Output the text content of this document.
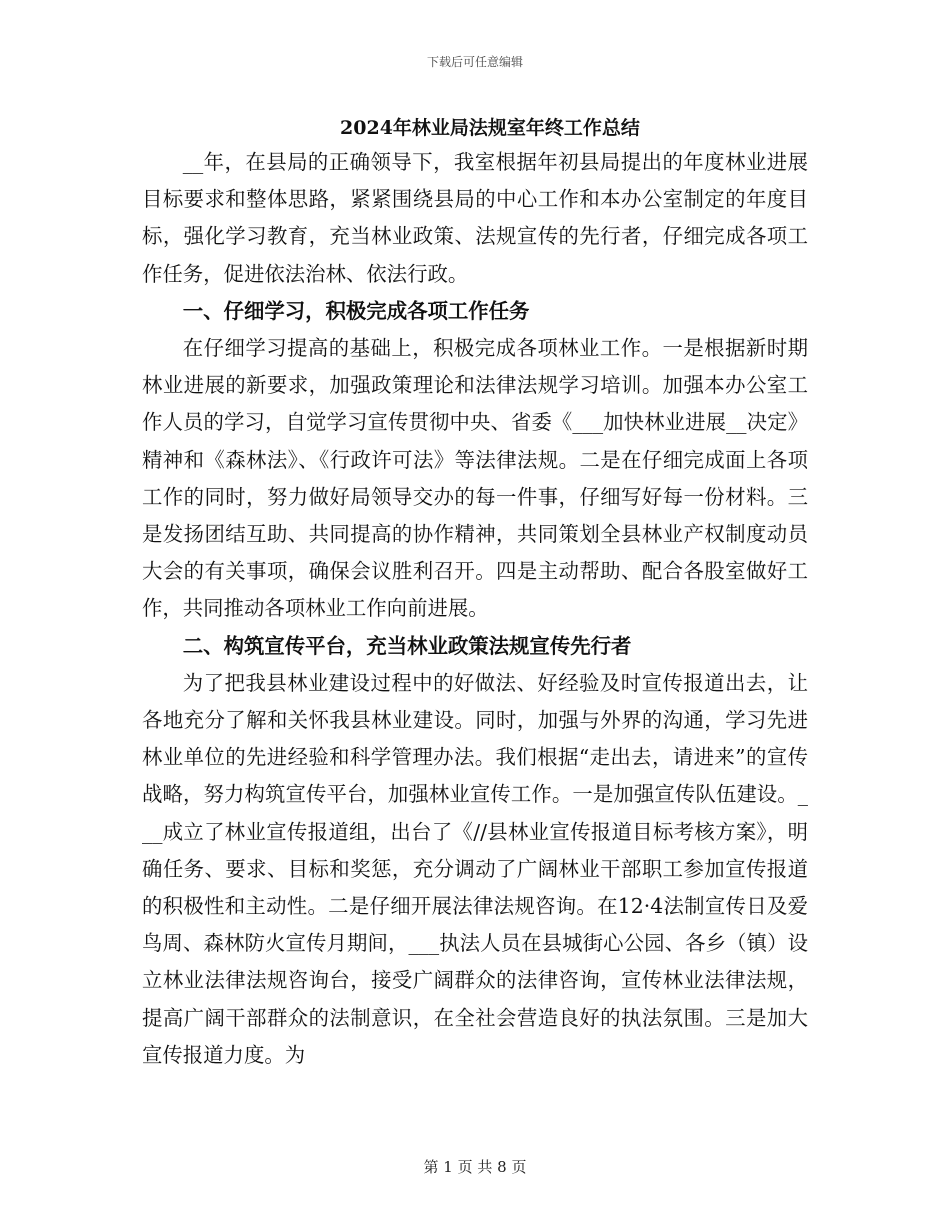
下载后可任意编辑
2024年林业局法规室年终工作总结

__年，在县局的正确领导下，我室根据年初县局提出的年度林业进展目标要求和整体思路，紧紧围绕县局的中心工作和本办公室制定的年度目标，强化学习教育，充当林业政策、法规宣传的先行者，仔细完成各项工作任务，促进依法治林、依法行政。

一、仔细学习，积极完成各项工作任务

在仔细学习提高的基础上，积极完成各项林业工作。一是根据新时期林业进展的新要求，加强政策理论和法律法规学习培训。加强本办公室工作人员的学习，自觉学习宣传贯彻中央、省委《___加快林业进展__决定》精神和《森林法》、《行政许可法》等法律法规。二是在仔细完成面上各项工作的同时，努力做好局领导交办的每一件事，仔细写好每一份材料。三是发扬团结互助、共同提高的协作精神，共同策划全县林业产权制度动员大会的有关事项，确保会议胜利召开。四是主动帮助、配合各股室做好工作，共同推动各项林业工作向前进展。

二、构筑宣传平台，充当林业政策法规宣传先行者

为了把我县林业建设过程中的好做法、好经验及时宣传报道出去，让各地充分了解和关怀我县林业建设。同时，加强与外界的沟通，学习先进林业单位的先进经验和科学管理办法。我们根据“走出去，请进来”的宣传战略，努力构筑宣传平台，加强林业宣传工作。一是加强宣传队伍建设。___成立了林业宣传报道组，出台了《//县林业宣传报道目标考核方案》，明确任务、要求、目标和奖惩，充分调动了广阔林业干部职工参加宣传报道的积极性和主动性。二是仔细开展法律法规咨询。在12·4法制宣传日及爱鸟周、森林防火宣传月期间，___执法人员在县城街心公园、各乡（镇）设立林业法律法规咨询台，接受广阔群众的法律咨询，宣传林业法律法规，提高广阔干部群众的法制意识，在全社会营造良好的执法氛围。三是加大宣传报道力度。为

第 1 页 共 8 页
